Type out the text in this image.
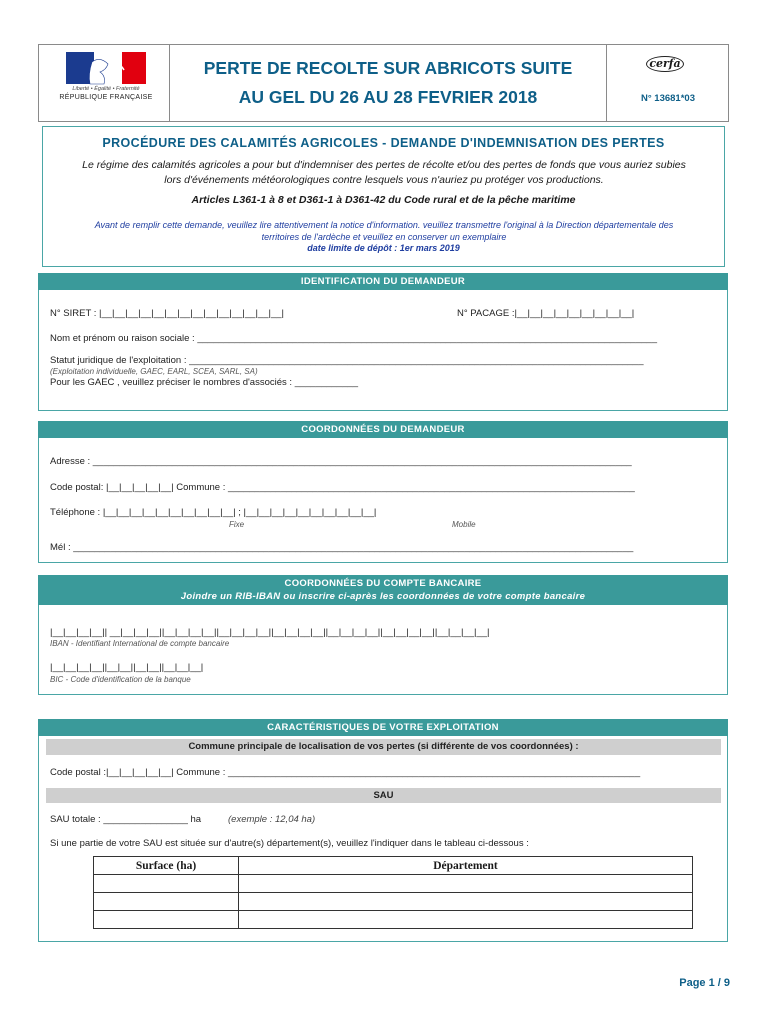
Liberté • Égalité • Fraternité
RÉPUBLIQUE FRANÇAISE
PERTE DE RECOLTE SUR ABRICOTS SUITE
AU GEL DU 26 AU 28 FEVRIER 2018
cerfa
N° 13681*03
PROCÉDURE DES CALAMITÉS AGRICOLES - DEMANDE D'INDEMNISATION DES PERTES
Le régime des calamités agricoles a pour but d'indemniser des pertes de récolte et/ou des pertes de fonds que vous auriez subies
lors d'événements météorologiques contre lesquels vous n'auriez pu protéger vos productions.
Articles L361-1 à 8 et D361-1 à D361-42 du Code rural et de la pêche maritime
Avant de remplir cette demande, veuillez lire attentivement la notice d'information. veuillez transmettre l'original à la Direction départementale des
territoires de l'ardèche et veuillez en conserver un exemplaire
date limite de dépôt : 1er mars 2019
IDENTIFICATION DU DEMANDEUR
N° SIRET : |__|__|__|__|__|__|__|__|__|__|__|__|__|__|	N° PACAGE :|__|__|__|__|__|__|__|__|__|
Nom et prénom ou raison sociale : _______________________________________________________________________________________
Statut juridique de l'exploitation : ______________________________________________________________________________________
(Exploitation individuelle, GAEC, EARL, SCEA, SARL, SA)
Pour les GAEC , veuillez préciser le nombres d'associés : ____________
COORDONNÉES DU DEMANDEUR
Adresse : ______________________________________________________________________________________________________
Code postal: |__|__|__|__|__| Commune : _____________________________________________________________________________
Téléphone : |__|__|__|__|__|__|__|__|__|__| ; |__|__|__|__|__|__|__|__|__|__|
Fixe	Mobile
Mél : __________________________________________________________________________________________________________
COORDONNÉES DU COMPTE BANCAIRE
Joindre un RIB-IBAN ou inscrire ci-après les coordonnées de votre compte bancaire
|__|__|__|__|| __|__|__|__||__|__|__|__||__|__|__|__||__|__|__|__||__|__|__|__||__|__|__|__||__|__|__|__|
IBAN - Identifiant International de compte bancaire
|__|__|__|__||__|__||__|__||__|__|__|
BIC - Code d'identification de la banque
CARACTÉRISTIQUES DE VOTRE EXPLOITATION
Commune principale de localisation de vos pertes (si différente de vos coordonnées) :
Code postal :|__|__|__|__|__| Commune : ______________________________________________________________________________
SAU
SAU totale : ________________ ha	(exemple : 12,04 ha)
Si une partie de votre SAU est située sur d'autre(s) département(s), veuillez l'indiquer dans le tableau ci-dessous :
Surface (ha)	Département

Page 1 / 9
